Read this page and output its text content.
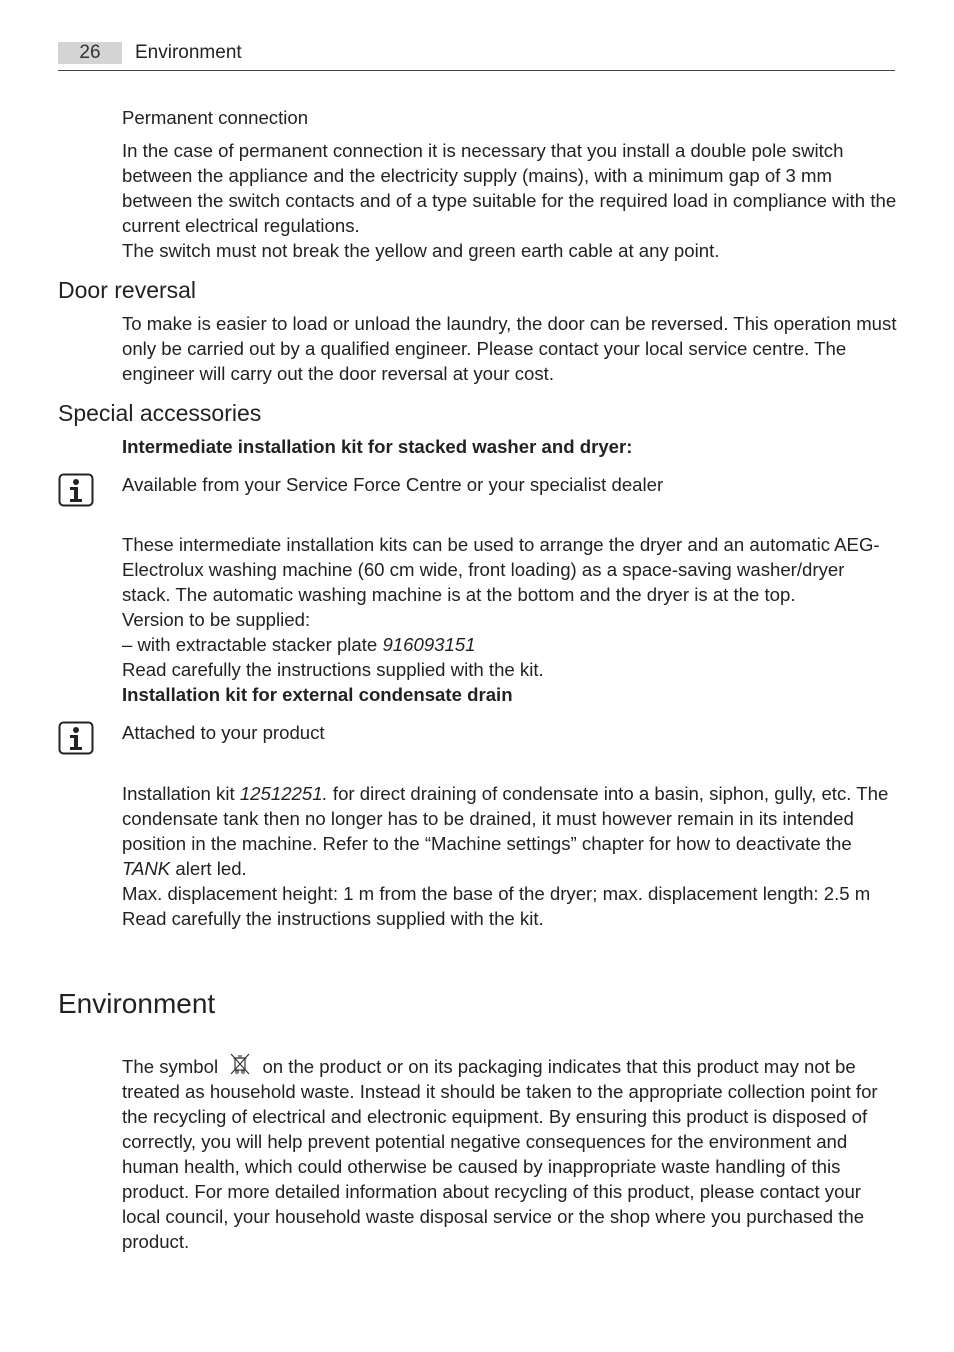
26	Environment

Permanent connection

In the case of permanent connection it is necessary that you install a double pole switch between the appliance and the electricity supply (mains), with a minimum gap of 3 mm between the switch contacts and of a type suitable for the required load in compliance with the current electrical regulations.

The switch must not break the yellow and green earth cable at any point.

Door reversal

To make is easier to load or unload the laundry, the door can be reversed. This operation must only be carried out by a qualified engineer. Please contact your local service centre. The engineer will carry out the door reversal at your cost.

Special accessories

Intermediate installation kit for stacked washer and dryer:

Available from your Service Force Centre or your specialist dealer

These intermediate installation kits can be used to arrange the dryer and an automatic AEG-Electrolux washing machine (60 cm wide, front loading) as a space-saving washer/dryer stack. The automatic washing machine is at the bottom and the dryer is at the top.

Version to be supplied:

– with extractable stacker plate 916093151

Read carefully the instructions supplied with the kit.

Installation kit for external condensate drain

Attached to your product

Installation kit 12512251. for direct draining of condensate into a basin, siphon, gully, etc. The condensate tank then no longer has to be drained, it must however remain in its intended position in the machine. Refer to the “Machine settings” chapter for how to deactivate the TANK alert led.

Max. displacement height: 1 m from the base of the dryer; max. displacement length: 2.5 m

Read carefully the instructions supplied with the kit.

Environment

The symbol  on the product or on its packaging indicates that this product may not be treated as household waste. Instead it should be taken to the appropriate collection point for the recycling of electrical and electronic equipment. By ensuring this product is disposed of correctly, you will help prevent potential negative consequences for the environment and human health, which could otherwise be caused by inappropriate waste handling of this product. For more detailed information about recycling of this product, please contact your local council, your household waste disposal service or the shop where you purchased the product.
